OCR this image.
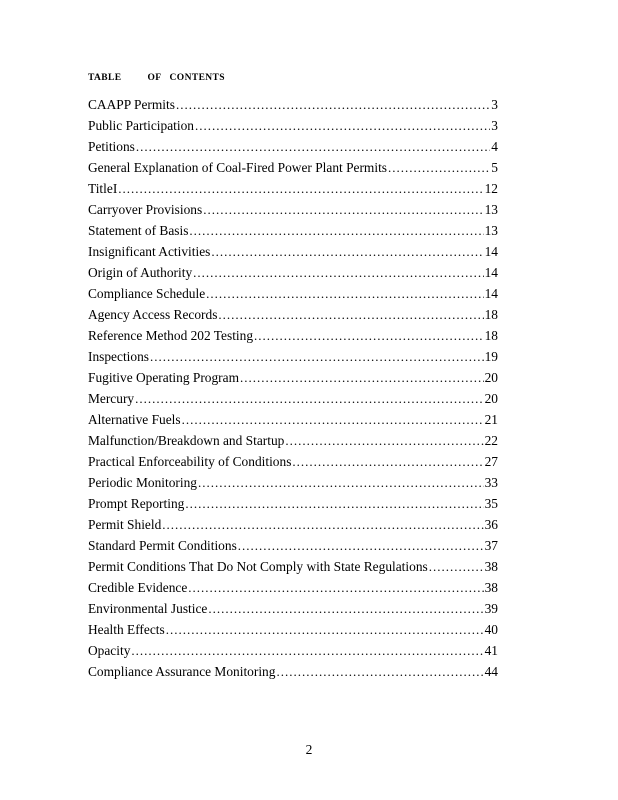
TABLE	OF CONTENTS
CAAPP Permits .....	3
Public Participation .....	3
Petitions .....	4
General Explanation of Coal-Fired Power Plant Permits .....	5
TitleI .....	12
Carryover Provisions .....	13
Statement of Basis .....	13
Insignificant Activities .....	14
Origin of Authority .....	14
Compliance Schedule .....	14
Agency Access Records .....	18
Reference Method 202 Testing .....	18
Inspections .....	19
Fugitive Operating Program .....	20
Mercury .....	20
Alternative Fuels .....	21
Malfunction/Breakdown and Startup .....	22
Practical Enforceability of Conditions .....	27
Periodic Monitoring .....	33
Prompt Reporting .....	35
Permit Shield .....	36
Standard Permit Conditions .....	37
Permit Conditions That Do Not Comply with State Regulations .....	38
Credible Evidence .....	38
Environmental Justice .....	39
Health Effects .....	40
Opacity .....	41
Compliance Assurance Monitoring .....	44
2
